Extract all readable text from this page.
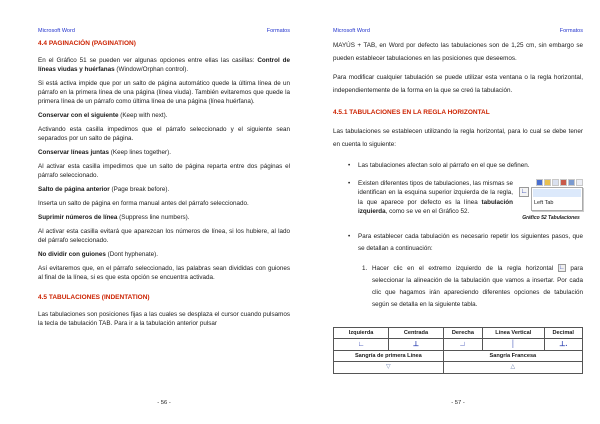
Microsoft Word	Formatos
4.4 PAGINACIÓN (PAGINATION)

En el Gráfico 51 se pueden ver algunas opciones entre ellas las casillas: Control de líneas viudas y huérfanas (Window/Orphan control).

Si está activa impide que por un salto de página automático quede la última línea de un párrafo en la primera línea de una página (línea viuda). También evitaremos que quede la primera línea de un párrafo como última línea de una página (línea huérfana).

Conservar con el siguiente (Keep with next).

Activando esta casilla impedimos que el párrafo seleccionado y el siguiente sean separados por un salto de página.

Conservar líneas juntas (Keep lines together).

Al activar esta casilla impedimos que un salto de página reparta entre dos páginas el párrafo seleccionado.

Salto de página anterior (Page break before).

Inserta un salto de página en forma manual antes del párrafo seleccionado.

Suprimir números de línea (Suppress line numbers).

Al activar esta casilla evitará que aparezcan los números de línea, si los hubiere, al lado del párrafo seleccionado.

No dividir con guiones (Dont hyphenate).

Así evitaremos que, en el párrafo seleccionado, las palabras sean divididas con guiones al final de la línea, si es que esta opción se encuentra activada.

4.5 TABULACIONES (INDENTATION)

Las tabulaciones son posiciones fijas a las cuales se desplaza el cursor cuando pulsamos la tecla de tabulación TAB. Para ir a la tabulación anterior pulsar

- 56 -
Microsoft Word	Formatos

MAYÚS + TAB, en Word por defecto las tabulaciones son de 1,25 cm, sin embargo se pueden establecer tabulaciones en las posiciones que deseemos.

Para modificar cualquier tabulación se puede utilizar esta ventana o la regla horizontal, independientemente de la forma en la que se creó la tabulación.

4.5.1 TABULACIONES EN LA REGLA HORIZONTAL

Las tabulaciones se establecen utilizando la regla horizontal, para lo cual se debe tener en cuenta lo siguiente:

• Las tabulaciones afectan solo al párrafo en el que se definen.
• ∟
Left Tab
Gráfico 52 Tabulaciones
Existen diferentes tipos de tabulaciones, las mismas se identifican en la esquina superior izquierda de la regla, la que aparece por defecto es la línea tabulación izquierda, como se ve en el Gráfico 52.
• Para establecer cada tabulación es necesario repetir los siguientes pasos, que se detallan a continuación:
1. Hacer clic en el extremo izquierdo de la regla horizontal ∟ para seleccionar la alineación de la tabulación que vamos a insertar. Por cada clic que hagamos irán apareciendo diferentes opciones de tabulación según se detalla en la siguiente tabla.
Izquierda	Centrada	Derecha	Línea Vertical	Decimal
∟	⊥	∟	│	⊥.
Sangría de primera Línea		Sangría Francesa		
▽		△		
- 57 -
